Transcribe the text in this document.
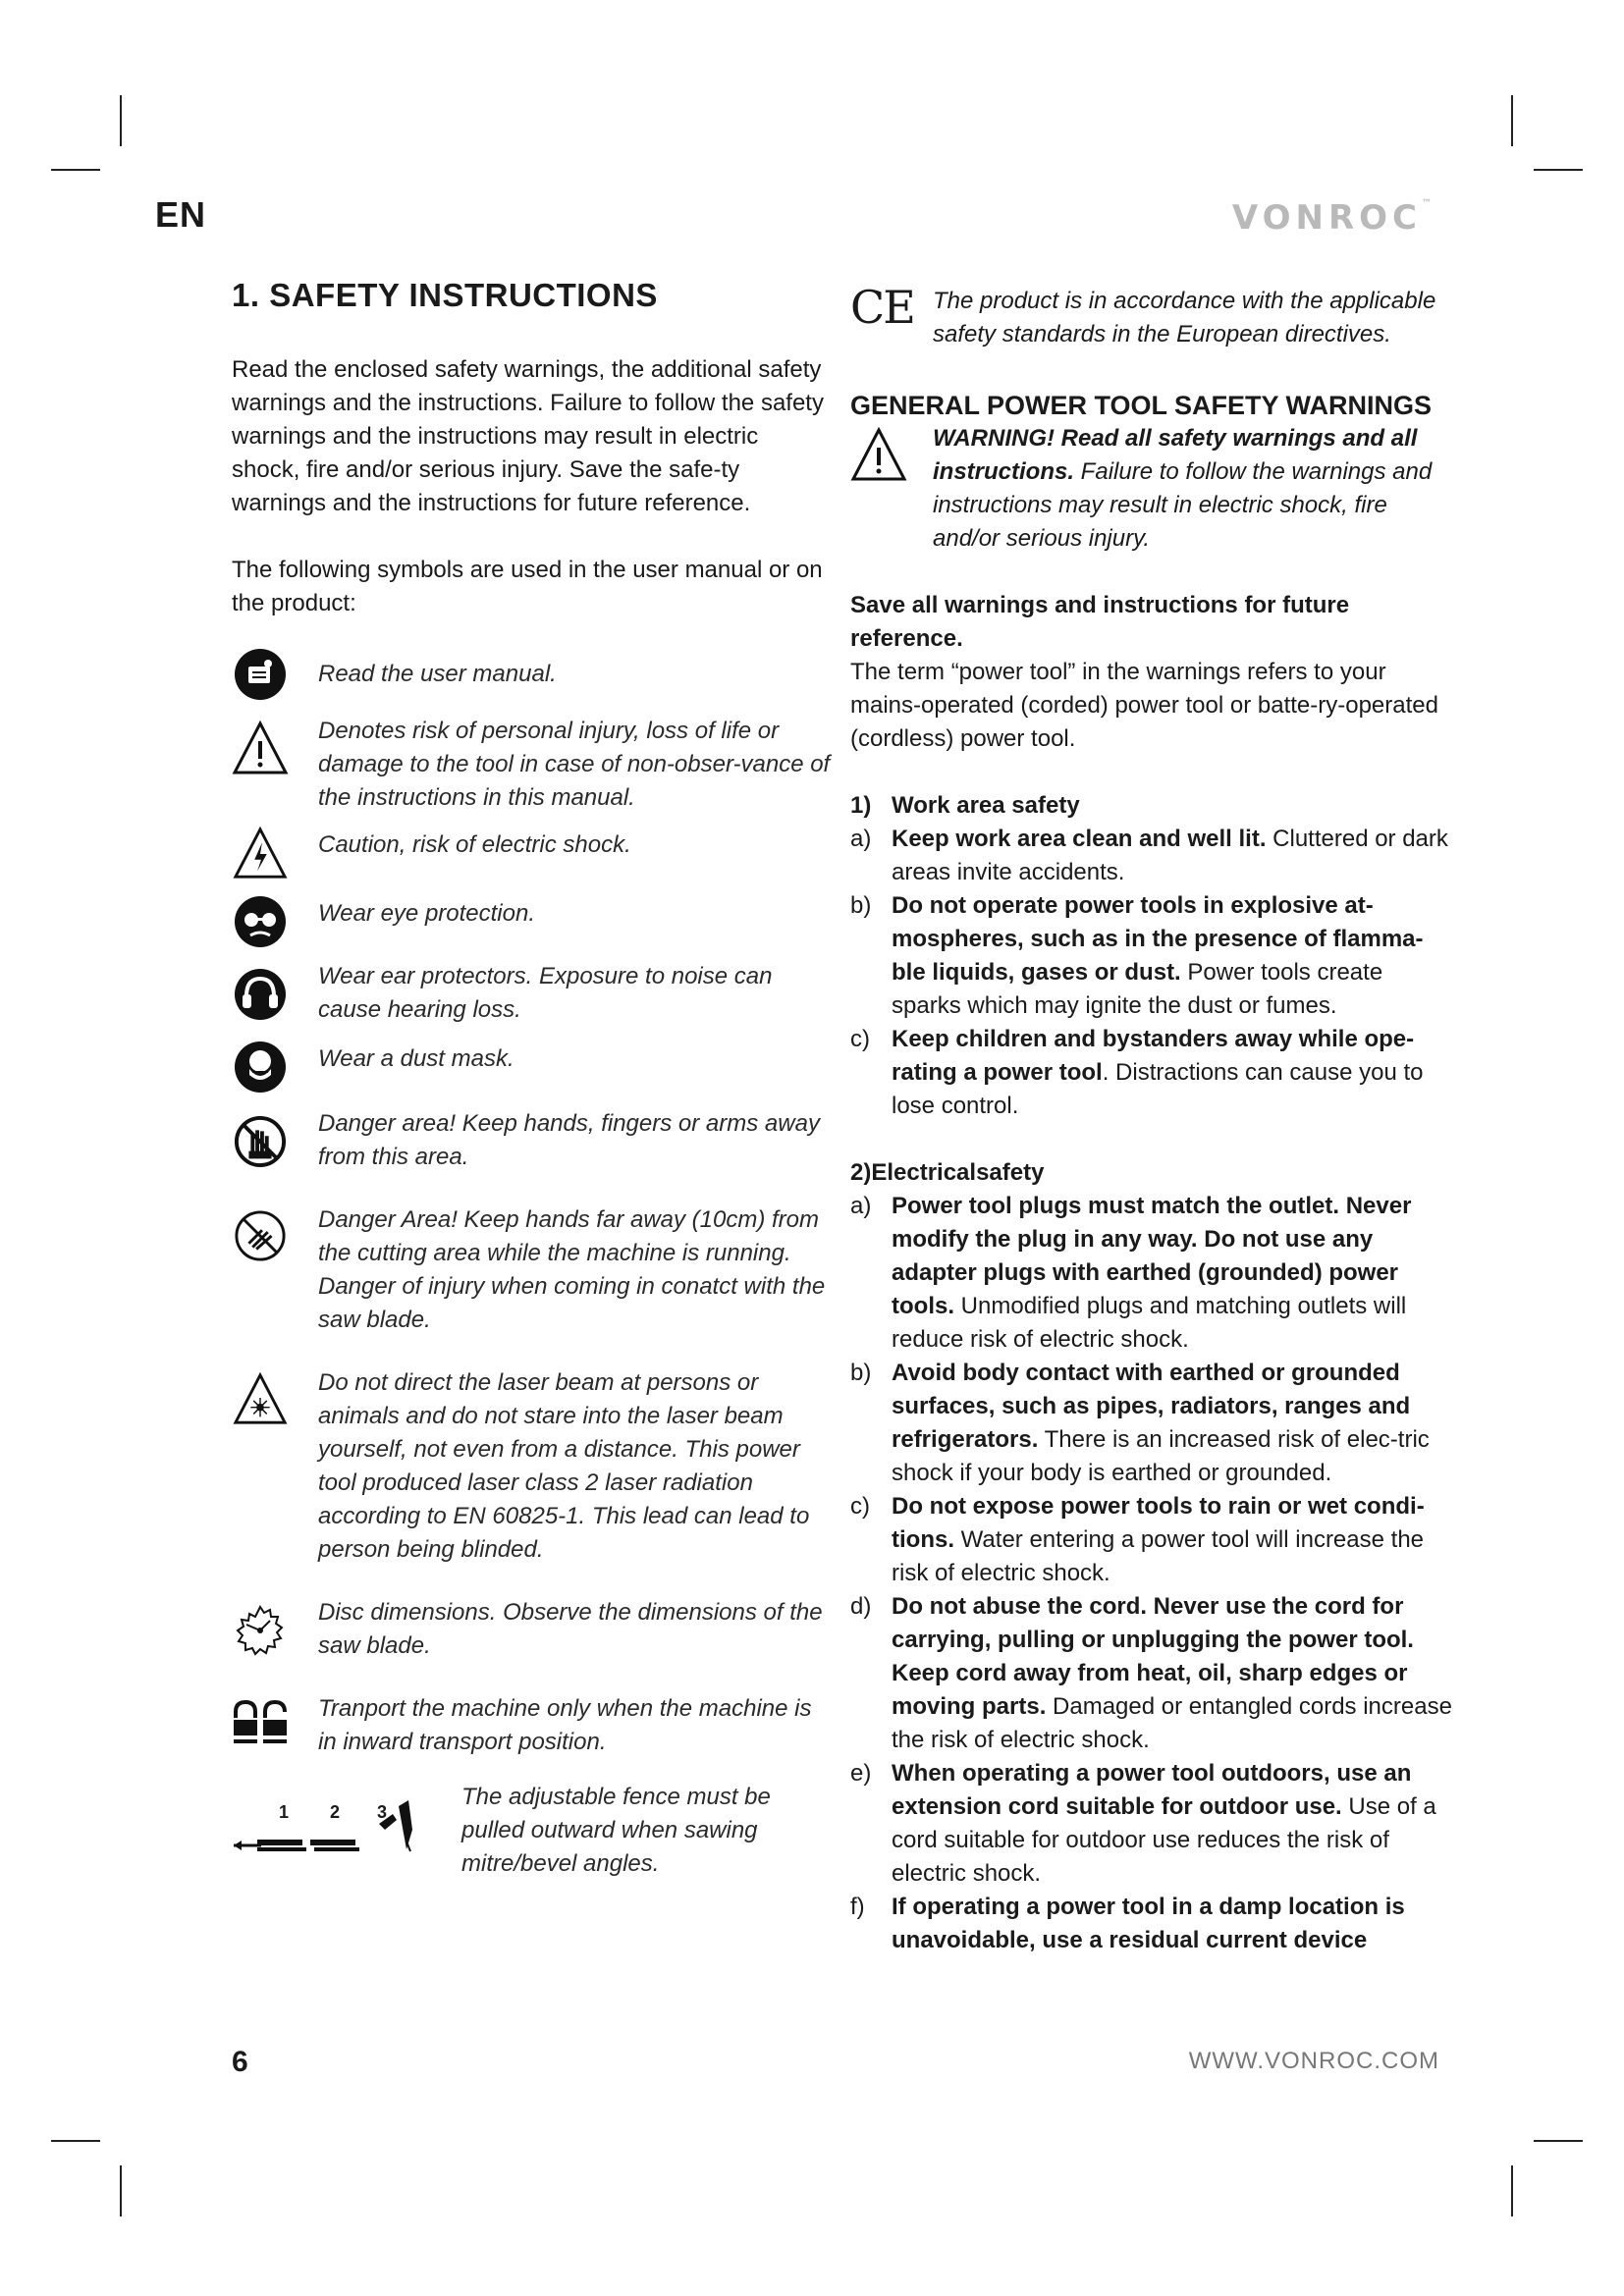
EN	VONROC™
1. SAFETY INSTRUCTIONS

Read the enclosed safety warnings, the additional safety warnings and the instructions. Failure to follow the safety warnings and the instructions may result in electric shock, fire and/or serious injury. Save the safe-ty warnings and the instructions for future reference.

The following symbols are used in the user manual or on the product:

Read the user manual.
Denotes risk of personal injury, loss of life or damage to the tool in case of non-obser-vance of the instructions in this manual.
Caution, risk of electric shock.
Wear eye protection.
Wear ear protectors. Exposure to noise can cause hearing loss.
Wear a dust mask.
Danger area! Keep hands, fingers or arms away from this area.
Danger Area! Keep hands far away (10cm) from the cutting area while the machine is running. Danger of injury when coming in conatct with the saw blade.
Do not direct the laser beam at persons or animals and do not stare into the laser beam yourself, not even from a distance. This power tool produced laser class 2 laser radiation according to EN 60825-1. This lead can lead to person being blinded.
Disc dimensions. Observe the dimensions of the saw blade.
Tranport the machine only when the machine is in inward transport position.
1 2 3
The adjustable fence must be pulled outward when sawing mitre/bevel angles.
CE The product is in accordance with the applicable safety standards in the European directives.
GENERAL POWER TOOL SAFETY WARNINGS
WARNING! Read all safety warnings and all instructions. Failure to follow the warnings and instructions may result in electric shock, fire and/or serious injury.

Save all warnings and instructions for future reference.

The term “power tool” in the warnings refers to your mains-operated (corded) power tool or batte-ry-operated (cordless) power tool.

1) Work area safety
a) Keep work area clean and well lit. Cluttered or dark areas invite accidents.
b) Do not operate power tools in explosive at-mospheres, such as in the presence of flamma-ble liquids, gases or dust. Power tools create sparks which may ignite the dust or fumes.
c) Keep children and bystanders away while ope-rating a power tool. Distractions can cause you to lose control.

2)Electricalsafety

a) Power tool plugs must match the outlet. Never modify the plug in any way. Do not use any adapter plugs with earthed (grounded) power tools. Unmodified plugs and matching outlets will reduce risk of electric shock.
b) Avoid body contact with earthed or grounded surfaces, such as pipes, radiators, ranges and refrigerators. There is an increased risk of elec-tric shock if your body is earthed or grounded.
c) Do not expose power tools to rain or wet condi-tions. Water entering a power tool will increase the risk of electric shock.
d) Do not abuse the cord. Never use the cord for carrying, pulling or unplugging the power tool. Keep cord away from heat, oil, sharp edges or moving parts. Damaged or entangled cords increase the risk of electric shock.
e) When operating a power tool outdoors, use an extension cord suitable for outdoor use. Use of a cord suitable for outdoor use reduces the risk of electric shock.
f)	If operating a power tool in a damp location is unavoidable, use a residual current device
6	WWW.VONROC.COM
